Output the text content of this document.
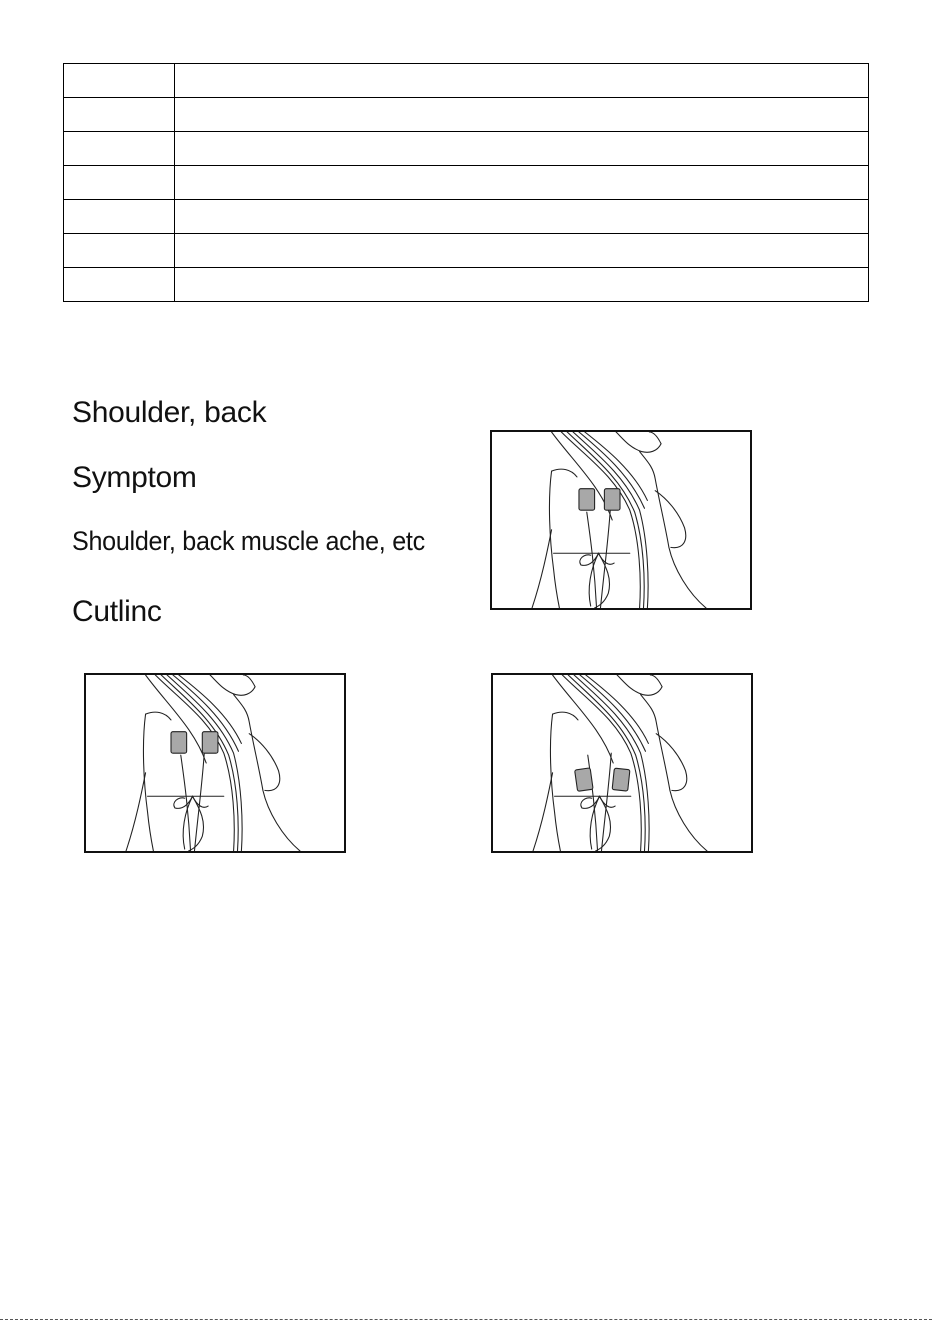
Shoulder, back

Symptom

Shoulder, back muscle ache, etc

Cutlinc
